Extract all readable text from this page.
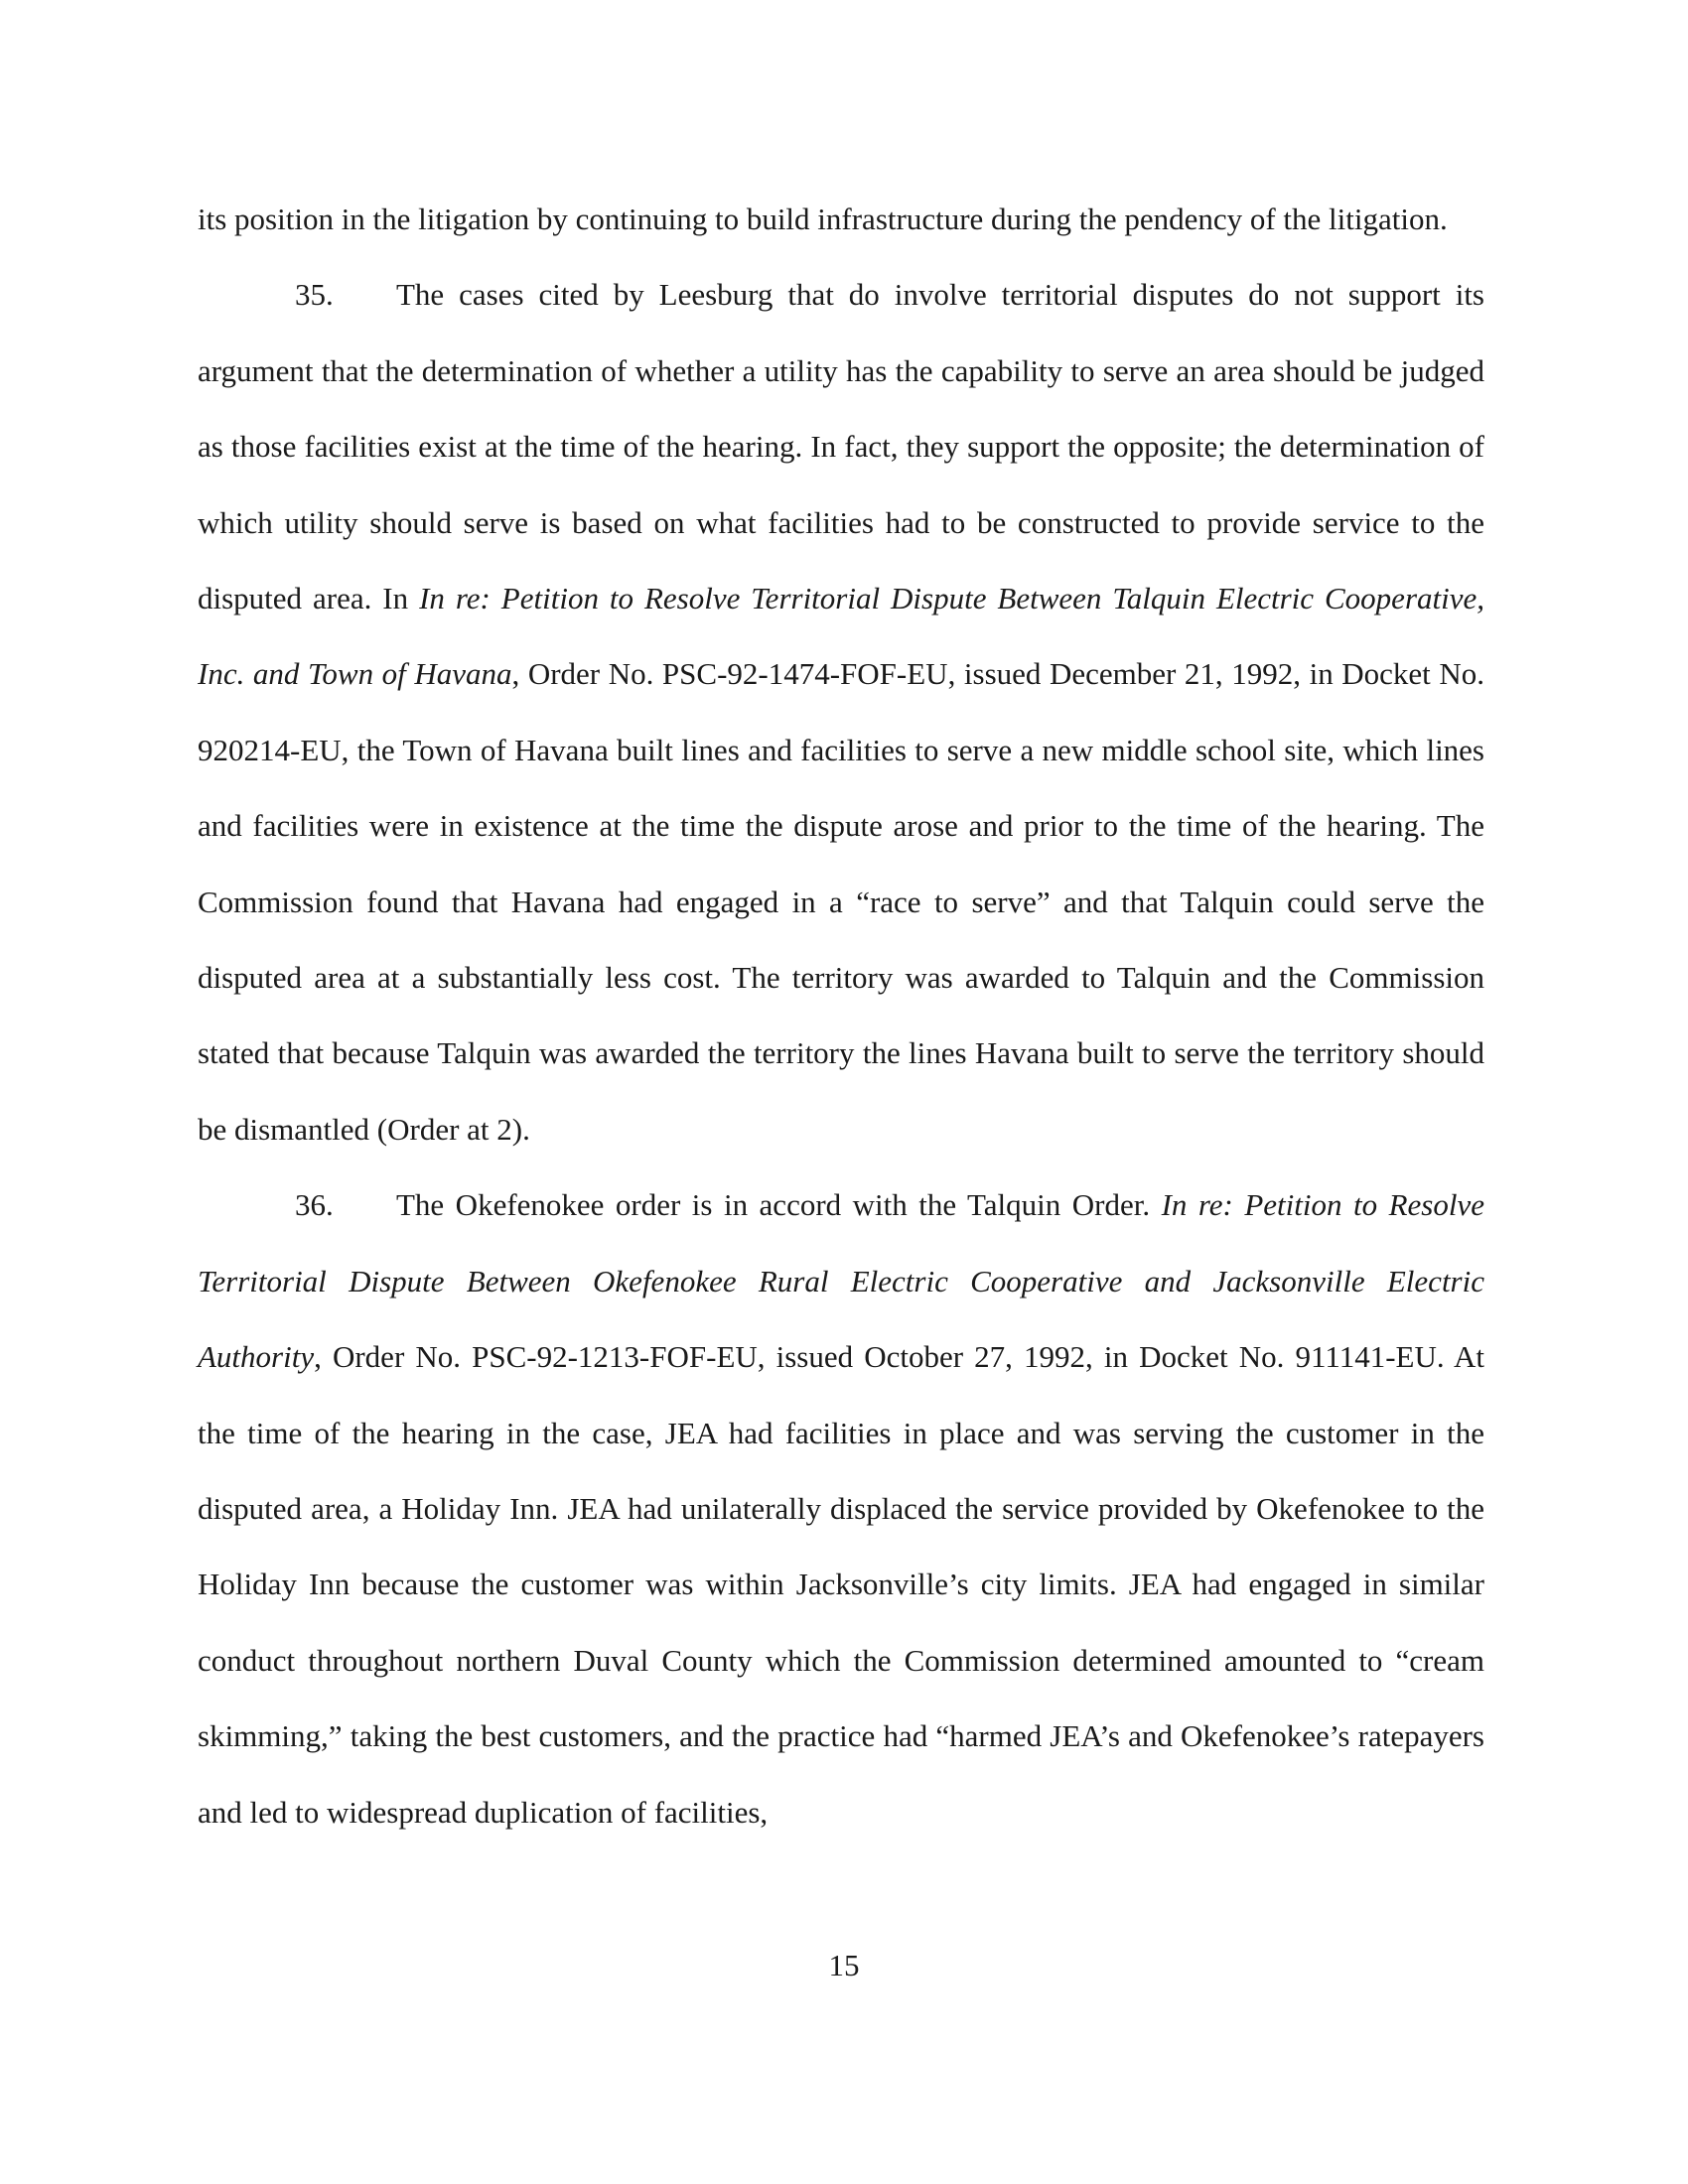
its position in the litigation by continuing to build infrastructure during the pendency of the litigation.

35. The cases cited by Leesburg that do involve territorial disputes do not support its argument that the determination of whether a utility has the capability to serve an area should be judged as those facilities exist at the time of the hearing. In fact, they support the opposite; the determination of which utility should serve is based on what facilities had to be constructed to provide service to the disputed area. In In re: Petition to Resolve Territorial Dispute Between Talquin Electric Cooperative, Inc. and Town of Havana, Order No. PSC-92-1474-FOF-EU, issued December 21, 1992, in Docket No. 920214-EU, the Town of Havana built lines and facilities to serve a new middle school site, which lines and facilities were in existence at the time the dispute arose and prior to the time of the hearing. The Commission found that Havana had engaged in a “race to serve” and that Talquin could serve the disputed area at a substantially less cost. The territory was awarded to Talquin and the Commission stated that because Talquin was awarded the territory the lines Havana built to serve the territory should be dismantled (Order at 2).

36. The Okefenokee order is in accord with the Talquin Order. In re: Petition to Resolve Territorial Dispute Between Okefenokee Rural Electric Cooperative and Jacksonville Electric Authority, Order No. PSC-92-1213-FOF-EU, issued October 27, 1992, in Docket No. 911141-EU. At the time of the hearing in the case, JEA had facilities in place and was serving the customer in the disputed area, a Holiday Inn. JEA had unilaterally displaced the service provided by Okefenokee to the Holiday Inn because the customer was within Jacksonville’s city limits. JEA had engaged in similar conduct throughout northern Duval County which the Commission determined amounted to “cream skimming,” taking the best customers, and the practice had “harmed JEA’s and Okefenokee’s ratepayers and led to widespread duplication of facilities,

15
